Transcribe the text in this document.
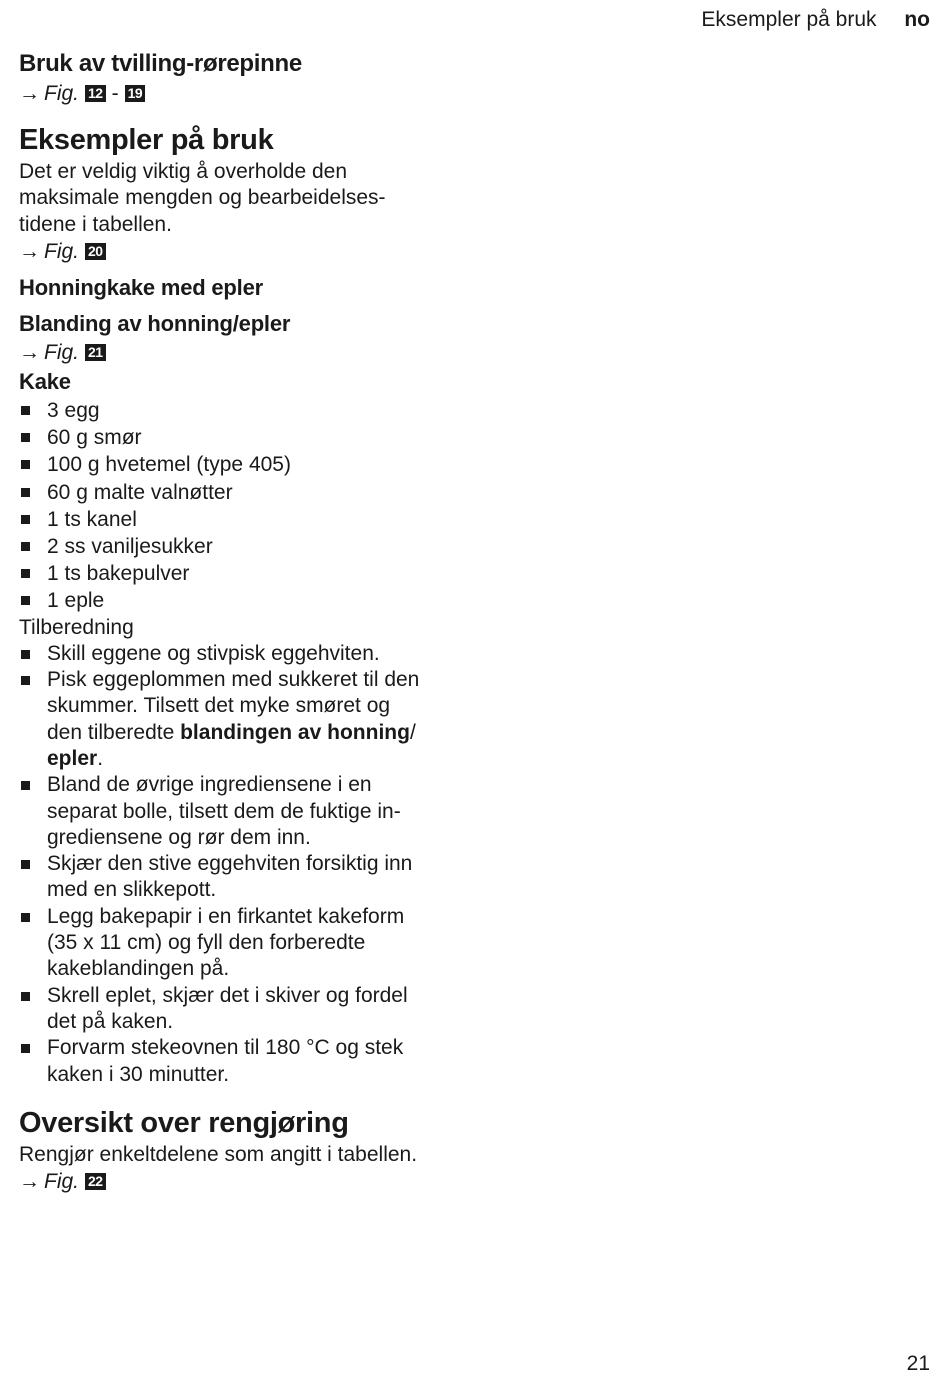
Eksempler på bruk no

Bruk av tvilling-rørepinne

→ Fig. 12 - 19

Eksempler på bruk

Det er veldig viktig å overholde den

maksimale mengden og bearbeidelses-

tidene i tabellen.

→ Fig. 20

Honningkake med epler

Blanding av honning/epler

→ Fig. 21

Kake

3 egg
60 g smør
100 g hvetemel (type 405)
60 g malte valnøtter
1 ts kanel
2 ss vaniljesukker
1 ts bakepulver
1 eple

Tilberedning

Skill eggene og stivpisk eggehviten.
Pisk eggeplommen med sukkeret til den
skummer. Tilsett det myke smøret og
den tilberedte blandingen av honning/
epler.
Bland de øvrige ingrediensene i en
separat bolle, tilsett dem de fuktige in-
grediensene og rør dem inn.
Skjær den stive eggehviten forsiktig inn
med en slikkepott.
Legg bakepapir i en firkantet kakeform
(35 x 11 cm) og fyll den forberedte
kakeblandingen på.
Skrell eplet, skjær det i skiver og fordel
det på kaken.
Forvarm stekeovnen til 180 °C og stek
kaken i 30 minutter.

Oversikt over rengjøring

Rengjør enkeltdelene som angitt i tabellen.

→ Fig. 22

21
